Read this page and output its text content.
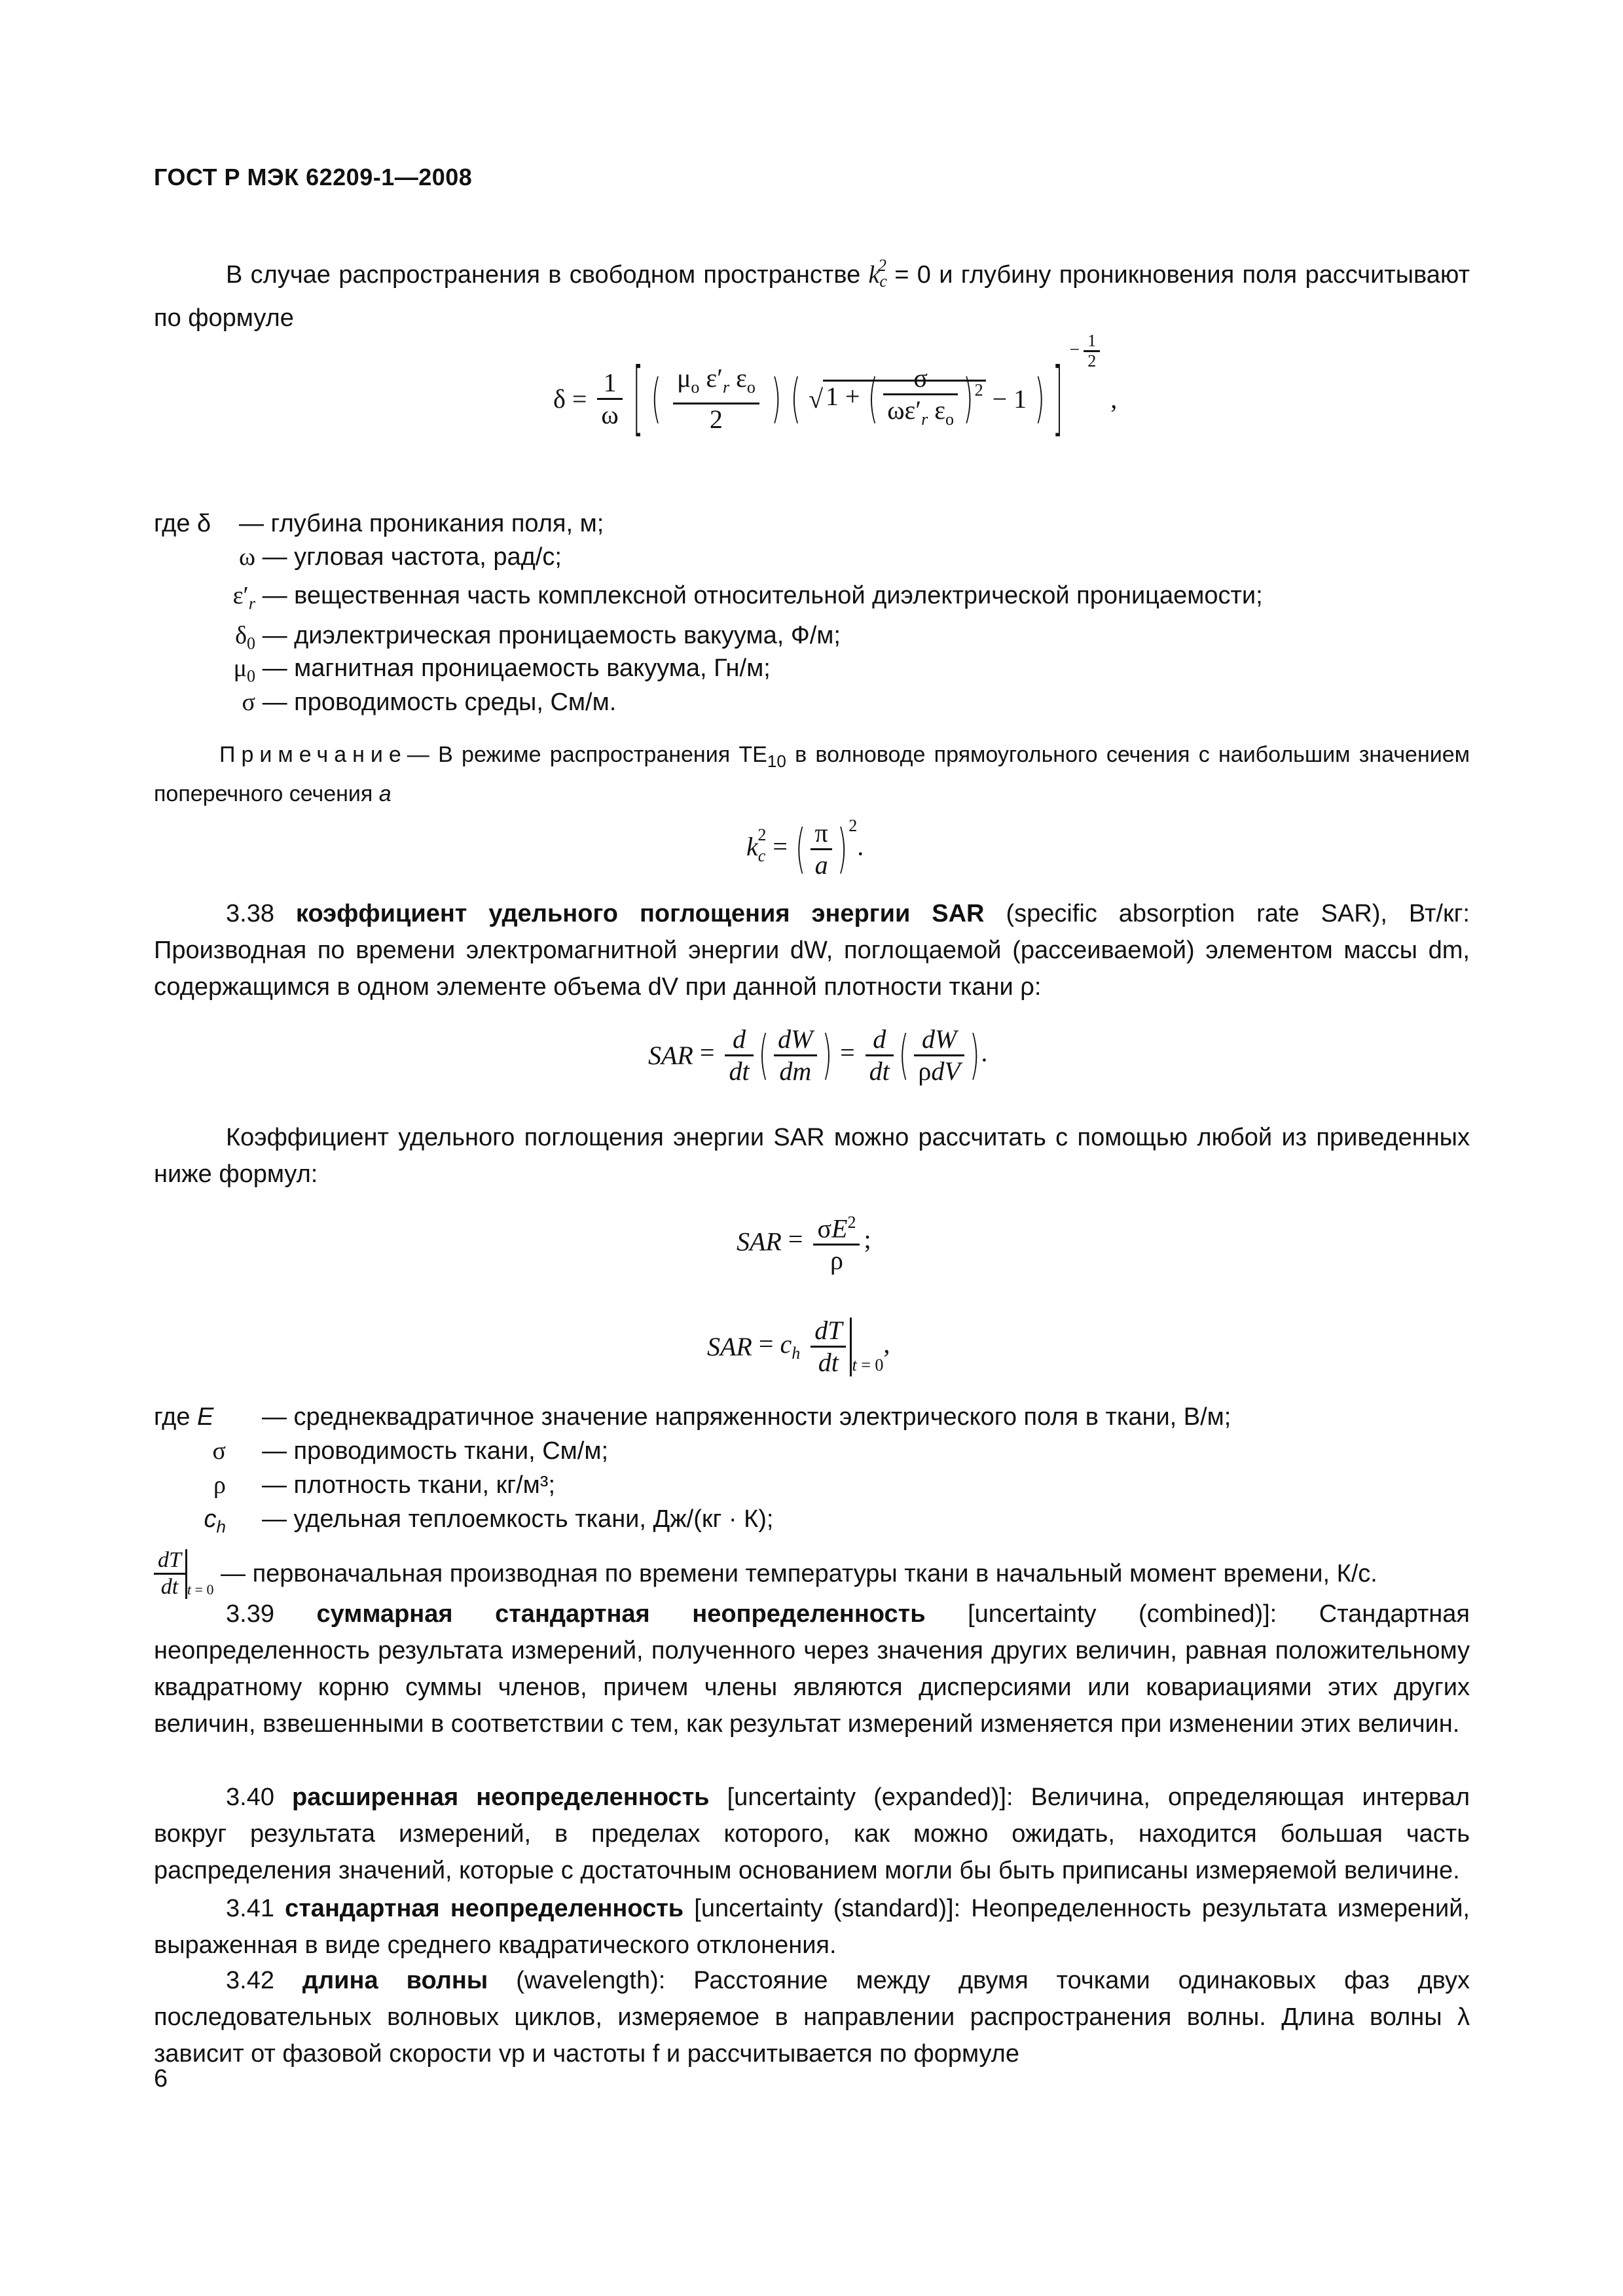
ГОСТ Р МЭК 62209-1—2008
В случае распространения в свободном пространстве $k_c^2 = 0$ и глубину проникновения поля рассчитывают по формуле
$\delta = \frac{1}{\omega}$ [ ( $\frac{\mu_o \varepsilon'_r \varepsilon_o}{2}$ ) ( √ 1 + ( $\frac{\sigma}{\omega\varepsilon'_r \varepsilon_o} )^2 - 1$ ) ] $^{- \frac{1}{2}}$
,
где δ — глубина проникания поля, м;
ω — угловая частота, рад/с;
$\varepsilon'_r$ — вещественная часть комплексной относительной диэлектрической проницаемости;
$\delta_0$ — диэлектрическая проницаемость вакуума, Ф/м;
$\mu_0$ — магнитная проницаемость вакуума, Гн/м;
σ — проводимость среды, См/м.
Примечание— В режиме распространения $TE_{10}$ в волноводе прямоугольного сечения с наибольшим значением поперечного сечения a
$k_c^2$ = ( $\frac{\pi}{a} )^2$.
3.38 коэффициент удельного поглощения энергии SAR (specific absorption rate SAR), Вт/кг: Производная по времени электромагнитной энергии dW, поглощаемой (рассеиваемой) элементом массы dm, содержащимся в одном элементе объема dV при данной плотности ткани ρ:
SAR = $\frac{d}{dt}$ ( $\frac{dW}{dm}$ ) = $\frac{d}{dt}$ ( $\frac{dW}{\text{ρdV}}$ ).
Коэффициент удельного поглощения энергии SAR можно рассчитать с помощью любой из приведенных ниже формул:
SAR = $\frac{\sigma E^2}{\rho}$ ;
SAR = $c_h \frac{dT}{dt} _{t = 0}$,
где E — среднеквадратичное значение напряженности электрического поля в ткани, В/м;
σ — проводимость ткани, См/м;
ρ — плотность ткани, кг/м³;
$c_h$ — удельная теплоемкость ткани, Дж/(кг · К);
$\frac{dT}{dt} _{t = 0}$ — первоначальная производная по времени температуры ткани в начальный момент времени, К/с.
3.39 суммарная стандартная неопределенность [uncertainty (combined)]: Стандартная неопределенность результата измерений, полученного через значения других величин, равная положительному квадратному корню суммы членов, причем члены являются дисперсиями или ковариациями этих других величин, взвешенными в соответствии с тем, как результат измерений изменяется при изменении этих величин.
3.40 расширенная неопределенность [uncertainty (expanded)]: Величина, определяющая интервал вокруг результата измерений, в пределах которого, как можно ожидать, находится большая часть распределения значений, которые с достаточным основанием могли бы быть приписаны измеряемой величине.
3.41 стандартная неопределенность [uncertainty (standard)]: Неопределенность результата измерений, выраженная в виде среднего квадратического отклонения.
3.42 длина волны (wavelength): Расстояние между двумя точками одинаковых фаз двух последовательных волновых циклов, измеряемое в направлении распространения волны. Длина волны λ зависит от фазовой скорости vp и частоты f и рассчитывается по формуле
6
